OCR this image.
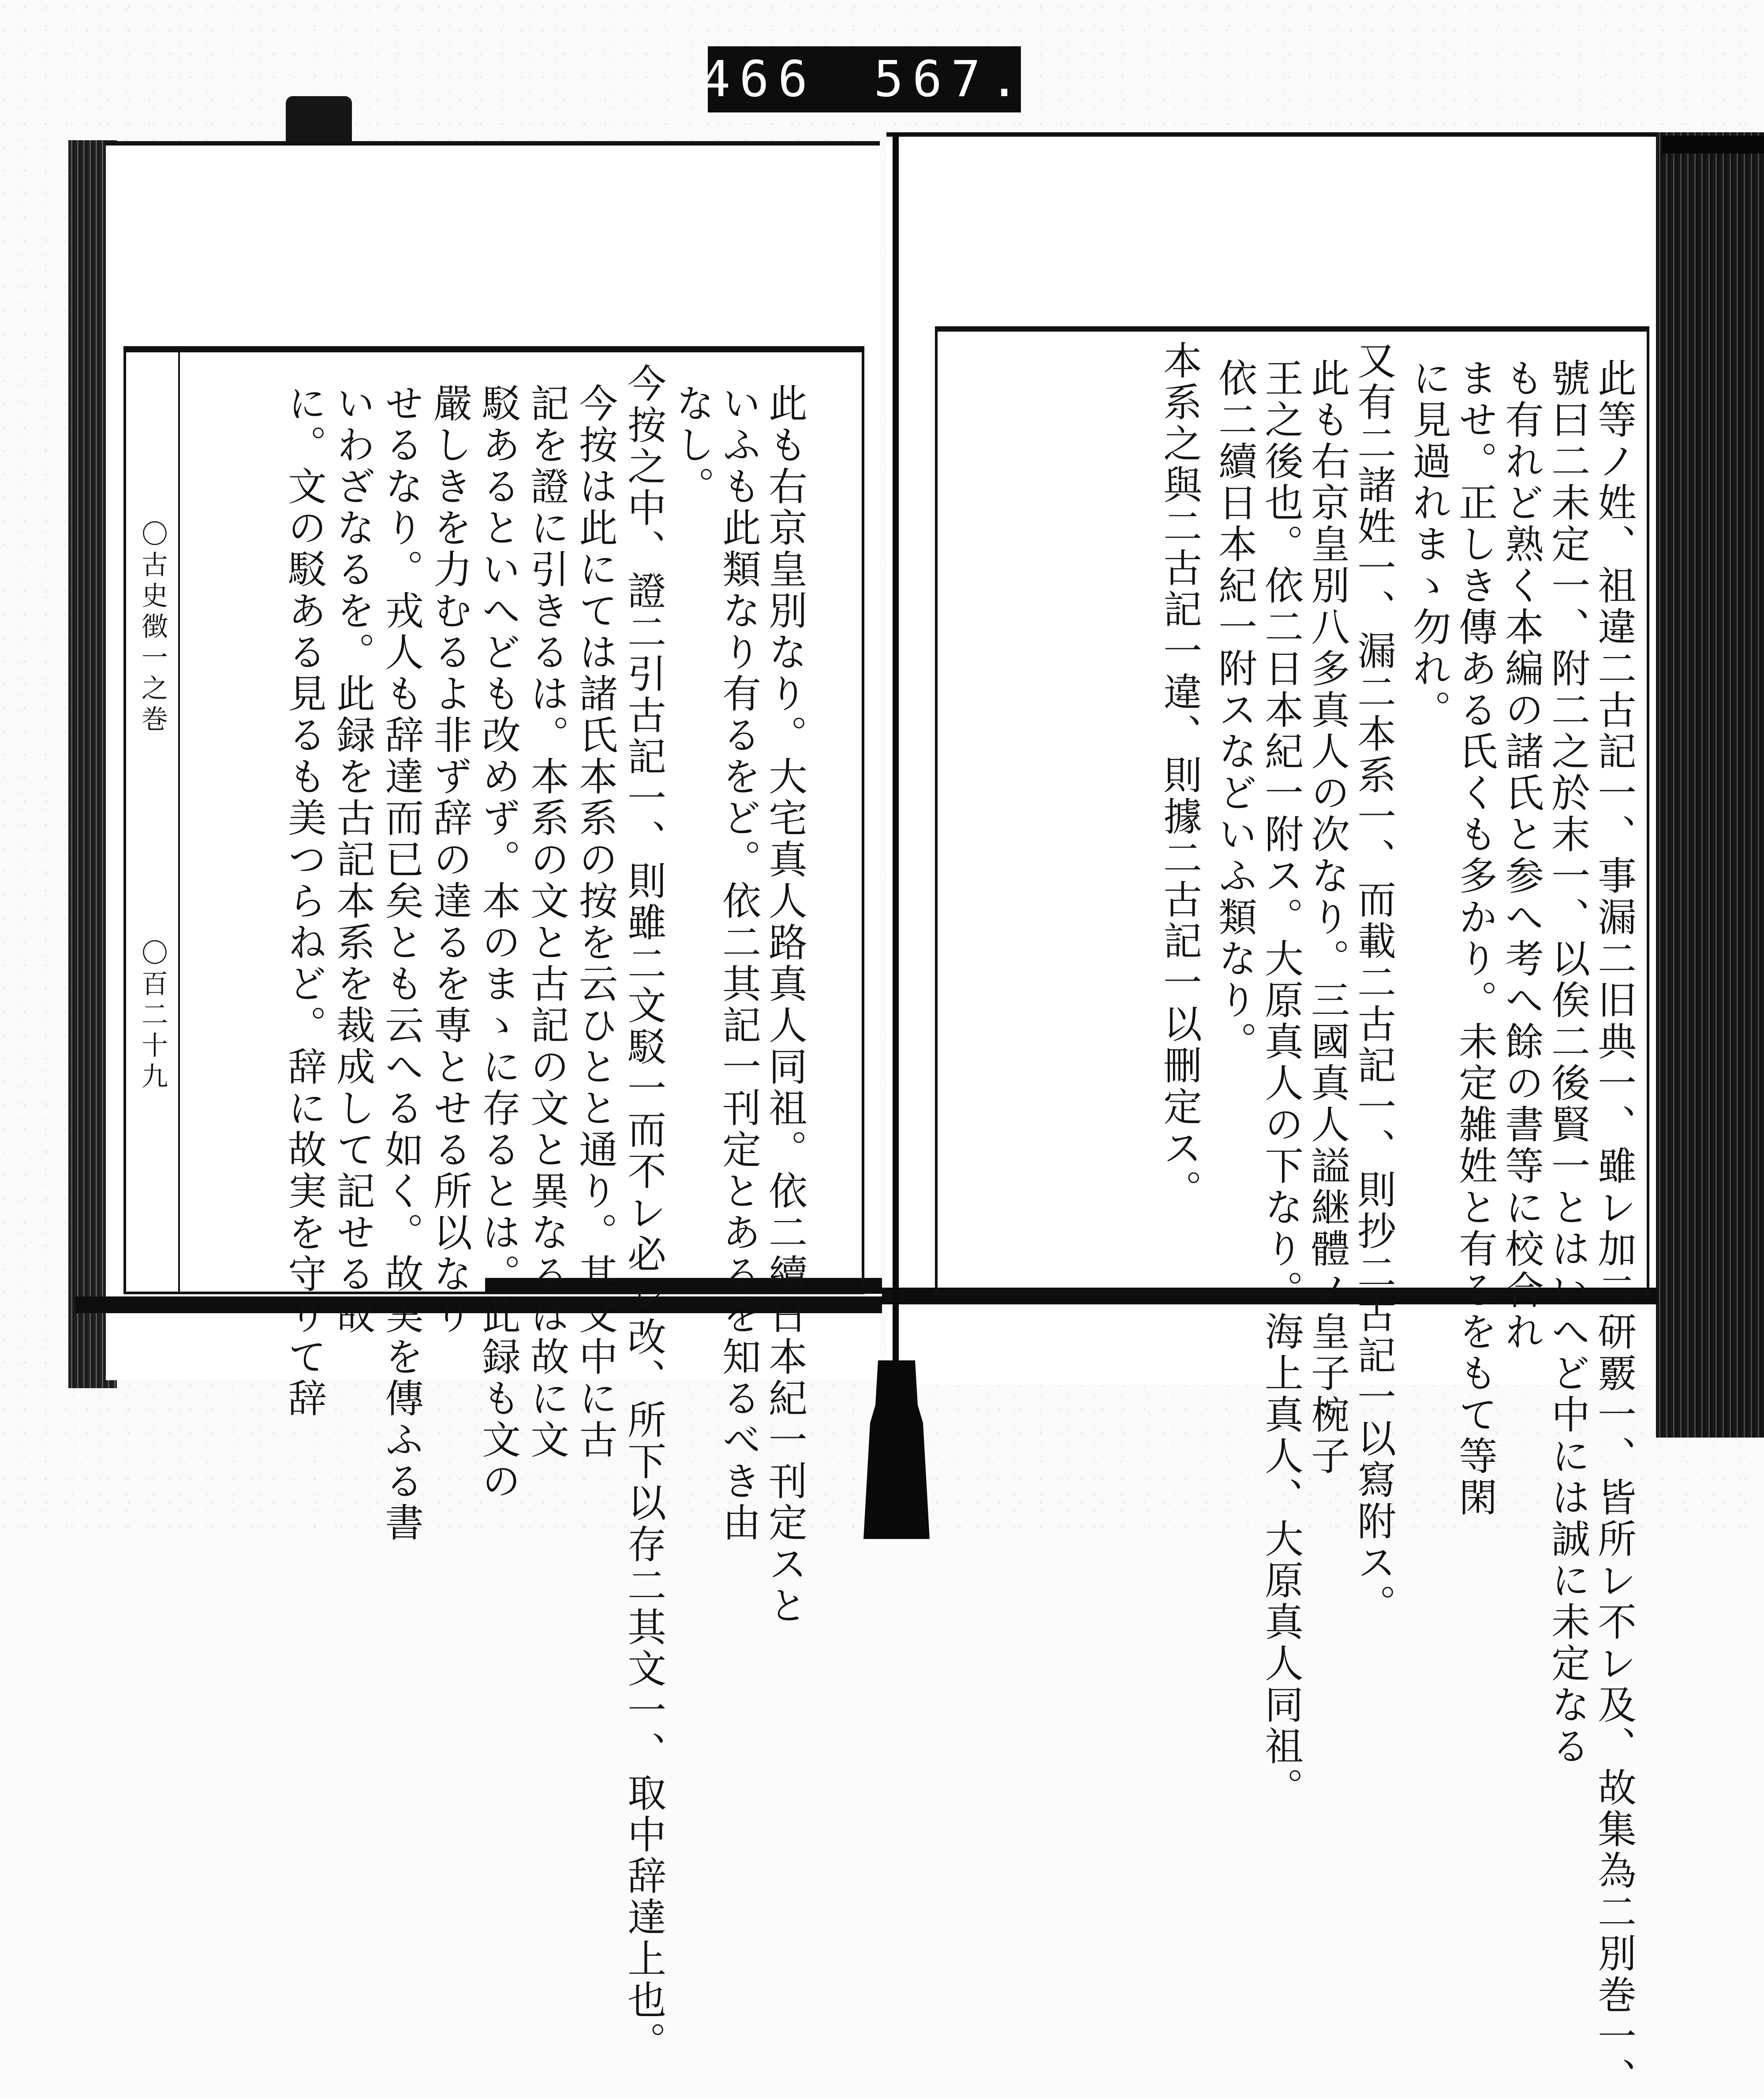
466 567.
此等ノ姓、祖違二古記一、事漏二旧典一、雖レ加二研覈一、皆所レ不レ及、故集為二別巻一、
號曰二未定一、附二之於末一、以俟二後賢一とはいへど中には誠に未定なる
も有れど熟く本編の諸氏と参へ考へ餘の書等に校合れ
ませ。正しき傳ある氏くも多かり。未定雑姓と有るをもて等閑
に見過れまゝ勿れ。
又有二諸姓一、漏二本系一、而載二古記一、則抄二古記一以寫附ス。
此も右京皇別八多真人の次なり。三國真人謚継體ノ皇子椀子
王之後也。依二日本紀一附ス。大原真人の下なり。海上真人、大原真人同祖。
依二續日本紀一附スなどいふ類なり。
本系之與二古記一違、則據二古記一以刪定ス。
此も右京皇別なり。大宅真人路真人同祖。依二續日本紀一刊定スと
いふも此類なり有るをど。依二其記一刊定とあるを知るべき由
なし。
今按之中、證二引古記一、則雖二文駁一而不レ必レ改、所下以存二其文一、取中辞達上也。
今按は此にては諸氏本系の按を云ひとと通り。其文中に古
記を證に引きるは。本系の文と古記の文と異なるは故に文
駁あるといへども改めず。本のまゝに存るとは。此録も文の
嚴しきを力むるよ非ず辞の達るを専とせる所以なり
せるなり。戎人も辞達而已矣とも云へる如く。故実を傳ふる書
いわざなるを。此録を古記本系を裁成して記せる故
に。文の駁ある見るも美つらねど。辞に故実を守りて辞
〇古史徴一之巻
〇百二十九
